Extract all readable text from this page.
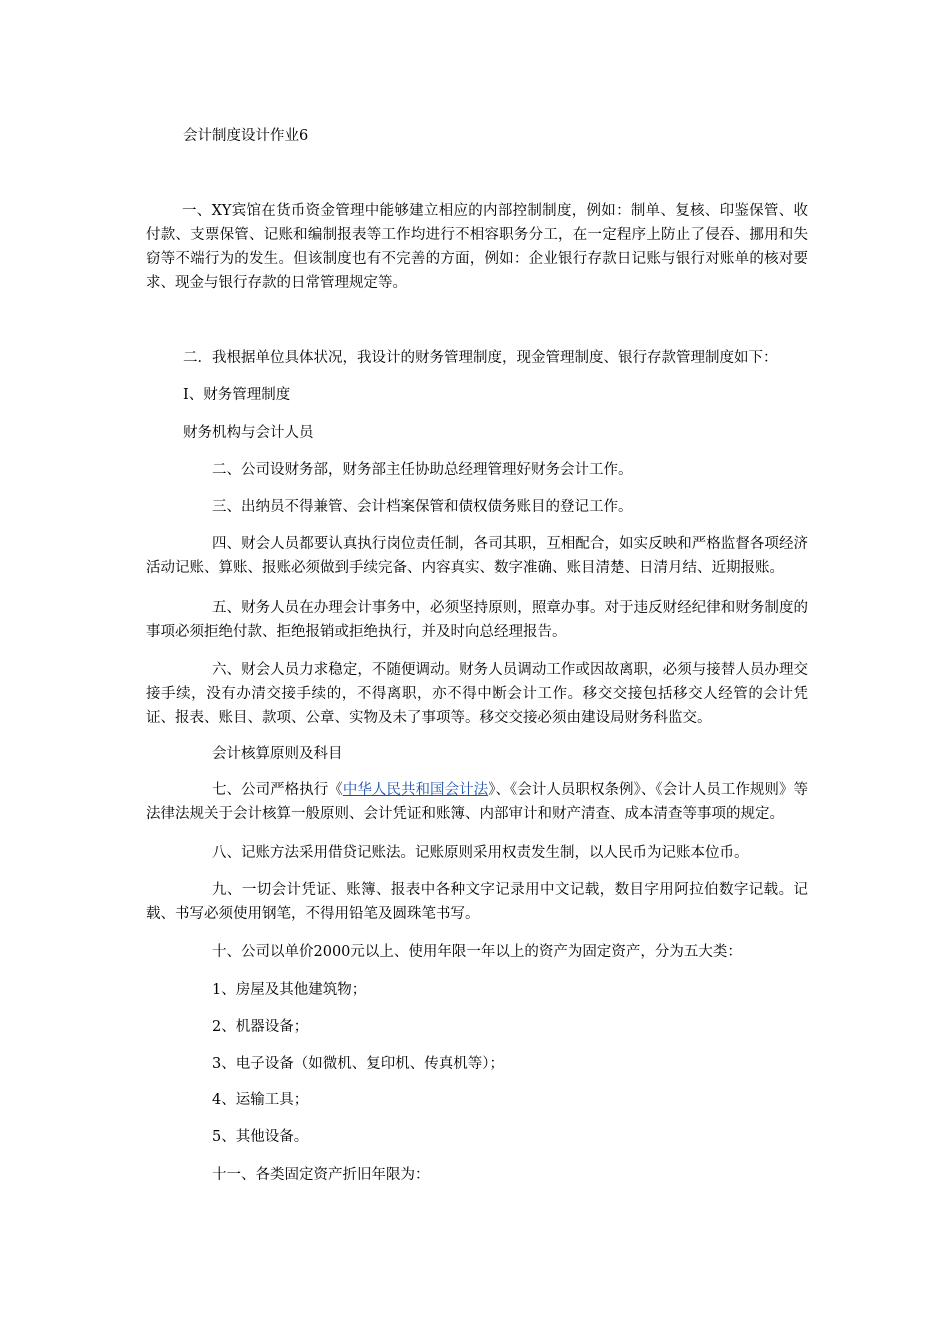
会计制度设计作业6
一、XY宾馆在货币资金管理中能够建立相应的内部控制制度，例如：制单、复核、印鉴保管、收付款、支票保管、记账和编制报表等工作均进行不相容职务分工，在一定程序上防止了侵吞、挪用和失窃等不端行为的发生。但该制度也有不完善的方面，例如：企业银行存款日记账与银行对账单的核对要求、现金与银行存款的日常管理规定等。
二．我根据单位具体状况，我设计的财务管理制度，现金管理制度、银行存款管理制度如下：
I、财务管理制度
财务机构与会计人员
二、公司设财务部，财务部主任协助总经理管理好财务会计工作。
三、出纳员不得兼管、会计档案保管和债权债务账目的登记工作。
四、财会人员都要认真执行岗位责任制，各司其职，互相配合，如实反映和严格监督各项经济活动记账、算账、报账必须做到手续完备、内容真实、数字准确、账目清楚、日清月结、近期报账。
五、财务人员在办理会计事务中，必须坚持原则，照章办事。对于违反财经纪律和财务制度的事项必须拒绝付款、拒绝报销或拒绝执行，并及时向总经理报告。
六、财会人员力求稳定，不随便调动。财务人员调动工作或因故离职，必须与接替人员办理交接手续，没有办清交接手续的，不得离职，亦不得中断会计工作。移交交接包括移交人经管的会计凭证、报表、账目、款项、公章、实物及未了事项等。移交交接必须由建设局财务科监交。
会计核算原则及科目
七、公司严格执行《中华人民共和国会计法》、《会计人员职权条例》、《会计人员工作规则》等法律法规关于会计核算一般原则、会计凭证和账簿、内部审计和财产清查、成本清查等事项的规定。
八、记账方法采用借贷记账法。记账原则采用权责发生制，以人民币为记账本位币。
九、一切会计凭证、账簿、报表中各种文字记录用中文记载，数目字用阿拉伯数字记载。记载、书写必须使用钢笔，不得用铅笔及圆珠笔书写。
十、公司以单价2000元以上、使用年限一年以上的资产为固定资产，分为五大类：
1、房屋及其他建筑物；
2、机器设备；
3、电子设备（如微机、复印机、传真机等）；
4、运输工具；
5、其他设备。
十一、各类固定资产折旧年限为：
